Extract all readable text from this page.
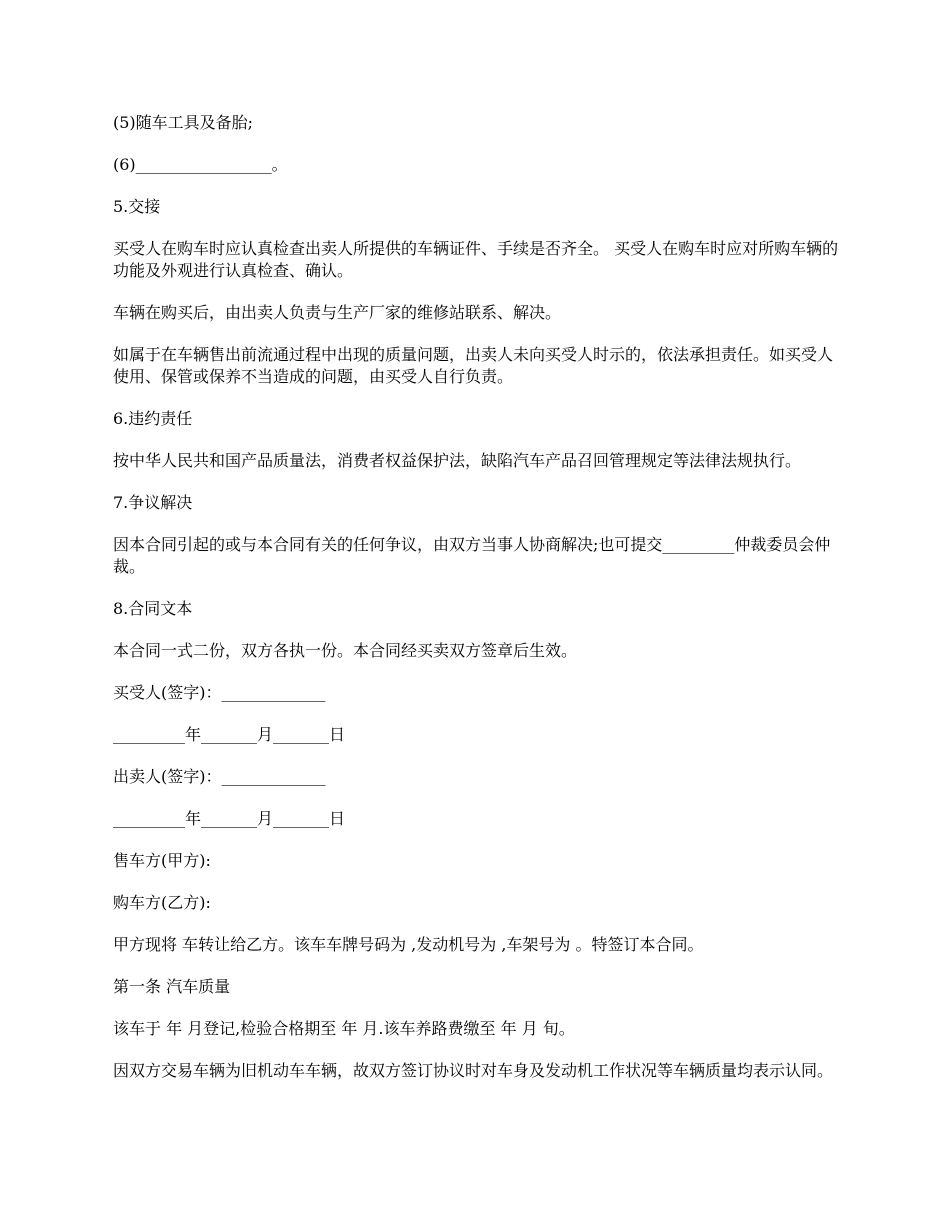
(5)随车工具及备胎;

(6)_________________。

5.交接

买受人在购车时应认真检查出卖人所提供的车辆证件、手续是否齐全。 买受人在购车时应对所购车辆的功能及外观进行认真检查、确认。

车辆在购买后，由出卖人负责与生产厂家的维修站联系、解决。

如属于在车辆售出前流通过程中出现的质量问题，出卖人未向买受人时示的，依法承担责任。如买受人使用、保管或保养不当造成的问题，由买受人自行负责。

6.违约责任

按中华人民共和国产品质量法，消费者权益保护法，缺陷汽车产品召回管理规定等法律法规执行。

7.争议解决

因本合同引起的或与本合同有关的任何争议，由双方当事人协商解决;也可提交_________仲裁委员会仲裁。

8.合同文本

本合同一式二份，双方各执一份。本合同经买卖双方签章后生效。

买受人(签字)：_____________

_________年_______月_______日

出卖人(签字)：_____________

_________年_______月_______日

售车方(甲方):

购车方(乙方):

甲方现将 车转让给乙方。该车车牌号码为 ,发动机号为 ,车架号为 。特签订本合同。

第一条 汽车质量

该车于 年 月登记,检验合格期至 年 月.该车养路费缴至 年 月 旬。

因双方交易车辆为旧机动车车辆，故双方签订协议时对车身及发动机工作状况等车辆质量均表示认同。
